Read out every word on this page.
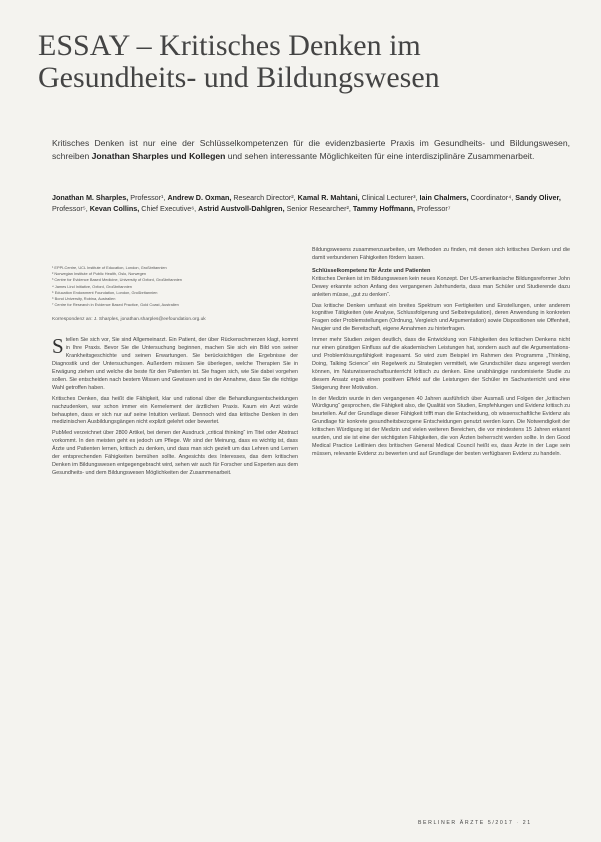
ESSAY – Kritisches Denken im Gesundheits- und Bildungswesen

Kritisches Denken ist nur eine der Schlüsselkompetenzen für die evidenzbasierte Praxis im Gesundheits- und Bildungswesen, schreiben Jonathan Sharples und Kollegen und sehen interessante Möglichkeiten für eine interdisziplinäre Zusammenarbeit.

Jonathan M. Sharples, Professor¹, Andrew D. Oxman, Research Director², Kamal R. Mahtani, Clinical Lecturer³, Iain Chalmers, Coordinator⁴, Sandy Oliver, Professor⁵, Kevan Collins, Chief Executive⁶, Astrid Austvoll-Dahlgren, Senior Researcher², Tammy Hoffmann, Professor⁷

¹ EPPI-Centre, UCL Institute of Education, London, Großbritannien
² Norwegian Institute of Public Health, Oslo, Norwegen
³ Centre for Evidence Based Medicine, University of Oxford, Großbritannien
⁴ James Lind Initiative, Oxford, Großbritannien
⁵ Education Endowment Foundation, London, Großbritannien
⁶ Bond University, Robina, Australien
⁷ Centre for Research in Evidence Based Practice, Gold Coast, Australien
Korrespondenz an: J. Sharples, jonathan.sharples@eefoundation.org.uk

Stellen Sie sich vor, Sie sind Allgemeinarzt. Ein Patient, der über Rückenschmerzen klagt, kommt in Ihre Praxis. Bevor Sie die Untersuchung beginnen, machen Sie sich ein Bild von seiner Krankheitsgeschichte und seinen Erwartungen. Sie berücksichtigen die Ergebnisse der Diagnostik und der Untersuchungen. Außerdem müssen Sie überlegen, welche Therapien Sie in Erwägung ziehen und welche die beste für den Patienten ist. Sie fragen sich, wie Sie dabei vorgehen sollen. Sie entscheiden nach bestem Wissen und Gewissen und in der Annahme, dass Sie die richtige Wahl getroffen haben.

Kritisches Denken, das heißt die Fähigkeit, klar und rational über die Behandlungsentscheidungen nachzudenken, war schon immer ein Kernelement der ärztlichen Praxis. Kaum ein Arzt würde behaupten, dass er sich nur auf seine Intuition verlässt. Dennoch wird das kritische Denken in den medizinischen Ausbildungsgängen nicht explizit gelehrt oder bewertet.

PubMed verzeichnet über 2800 Artikel, bei denen der Ausdruck „critical thinking“ im Titel oder Abstract vorkommt. In den meisten geht es jedoch um Pflege. Wir sind der Meinung, dass es wichtig ist, dass Ärzte und Patienten lernen, kritisch zu denken, und dass man sich gezielt um das Lehren und Lernen der entsprechenden Fähigkeiten bemühen sollte. Angesichts des Interesses, das dem kritischen Denken im Bildungswesen entgegengebracht wird, sehen wir auch für Forscher und Experten aus dem Gesundheits- und dem Bildungswesen Möglichkeiten der Zusammenarbeit.

Bildungswesens zusammenzuarbeiten, um Methoden zu finden, mit denen sich kritisches Denken und die damit verbundenen Fähigkeiten fördern lassen.

Schlüsselkompetenz für Ärzte und Patienten

Kritisches Denken ist im Bildungswesen kein neues Konzept. Der US-amerikanische Bildungsreformer John Dewey erkannte schon Anfang des vergangenen Jahrhunderts, dass man Schüler und Studierende dazu anleiten müsse, „gut zu denken“.

Das kritische Denken umfasst ein breites Spektrum von Fertigkeiten und Einstellungen, unter anderem kognitive Tätigkeiten (wie Analyse, Schlussfolgerung und Selbstregulation), deren Anwendung in konkreten Fragen oder Problemstellungen (Ordnung, Vergleich und Argumentation) sowie Dispositionen wie Offenheit, Neugier und die Bereitschaft, eigene Annahmen zu hinterfragen.

Immer mehr Studien zeigen deutlich, dass die Entwicklung von Fähigkeiten des kritischen Denkens nicht nur einen günstigen Einfluss auf die akademischen Leistungen hat, sondern auch auf die Argumentations- und Problemlösungsfähigkeit insgesamt. So wird zum Beispiel im Rahmen des Programms „Thinking, Doing, Talking Science“ ein Regelwerk zu Strategien vermittelt, wie Grundschüler dazu angeregt werden können, im Naturwissenschaftsunterricht kritisch zu denken. Eine unabhängige randomisierte Studie zu diesem Ansatz ergab einen positiven Effekt auf die Leistungen der Schüler im Sachunterricht und eine Steigerung ihrer Motivation.

In der Medizin wurde in den vergangenen 40 Jahren ausführlich über Ausmaß und Folgen der „kritischen Würdigung“ gesprochen, die Fähigkeit also, die Qualität von Studien, Empfehlungen und Evidenz kritisch zu beurteilen. Auf der Grundlage dieser Fähigkeit trifft man die Entscheidung, ob wissenschaftliche Evidenz als Grundlage für konkrete gesundheitsbezogene Entscheidungen genutzt werden kann. Die Notwendigkeit der kritischen Würdigung ist der Medizin und vielen weiteren Bereichen, die vor mindestens 15 Jahren erkannt wurden, und sie ist eine der wichtigsten Fähigkeiten, die von Ärzten beherrscht werden sollte. In den Good Medical Practice Leitlinien des britischen General Medical Council heißt es, dass Ärzte in der Lage sein müssen, relevante Evidenz zu bewerten und auf Grundlage der besten verfügbaren Evidenz zu handeln.

BERLINER ÄRZTE 5/2017 · 21
